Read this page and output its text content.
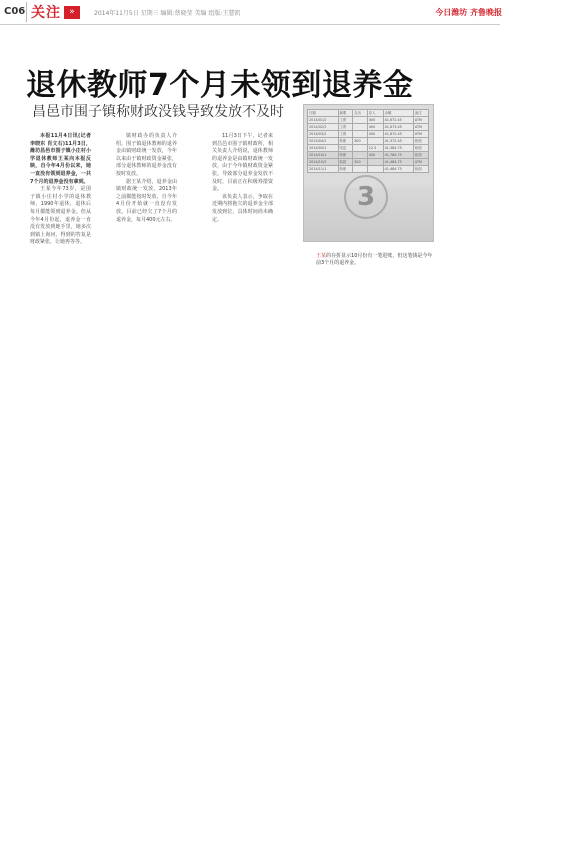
C06 关注 »	2014年11月5日 星期三 编辑:蔡晓莹 美编 组版:王慧凯	今日潍坊 齐鲁晚报
退休教师7个月未领到退养金
昌邑市围子镇称财政没钱导致发放不及时

本报11月4日讯(记者 李晓东 肖文石)11月3日，潍坊昌邑市围子镇小庄村小学退休教师王某向本报反映，自今年4月份以来，她一直没有领到退养金，一共7个月的退养金没有拿到。

王某今年73岁，是围子镇小庄村小学的退休教师，1990年退休，退休后每月都能领到退养金。但从今年4月份起，退养金一直没有发放到她手里，她多次到镇上询问，得到的答复是财政紧张，让她再等等。

镇财政办的负责人介绍，围子镇退休教师的退养金由镇财政统一发放，今年以来由于镇财政资金紧张，部分退休教师的退养金没有按时发放。

据王某介绍，退养金由镇财政统一发放，2013年之前都能按时发放，自今年4月份开始就一直没有发放。目前已经欠了7个月的退养金，每月400元左右。

11月3日下午，记者来到昌邑市围子镇财政所，相关负责人介绍说，退休教师的退养金是由镇财政统一发放，由于今年镇财政资金紧张，导致部分退养金发放不及时，目前正在积极筹措资金。

该负责人表示，争取在近期内将拖欠的退养金全部发放到位，具体时间尚未确定。

日期	摘要	支出	存入	余额	备注
2014/01/2	工资		400	41,672.45	ATM
2014/02/2	工资		400	41,673.45	ATM
2014/03/2	工资		400	41,672.45	ATM
2014/04/1	转账	300		41,372.45	柜面
2014/05/1	结息		12.3	41,384.75	柜面
2014/10/1	转账		400	41,784.75	柜面
2014/10/2	取款	300		41,484.75	ATM
2014/11/1	转账			41,484.75	柜面
3
王某的存折显示10月份有一笔进账，但这笔钱是今年前3个月的退养金。
